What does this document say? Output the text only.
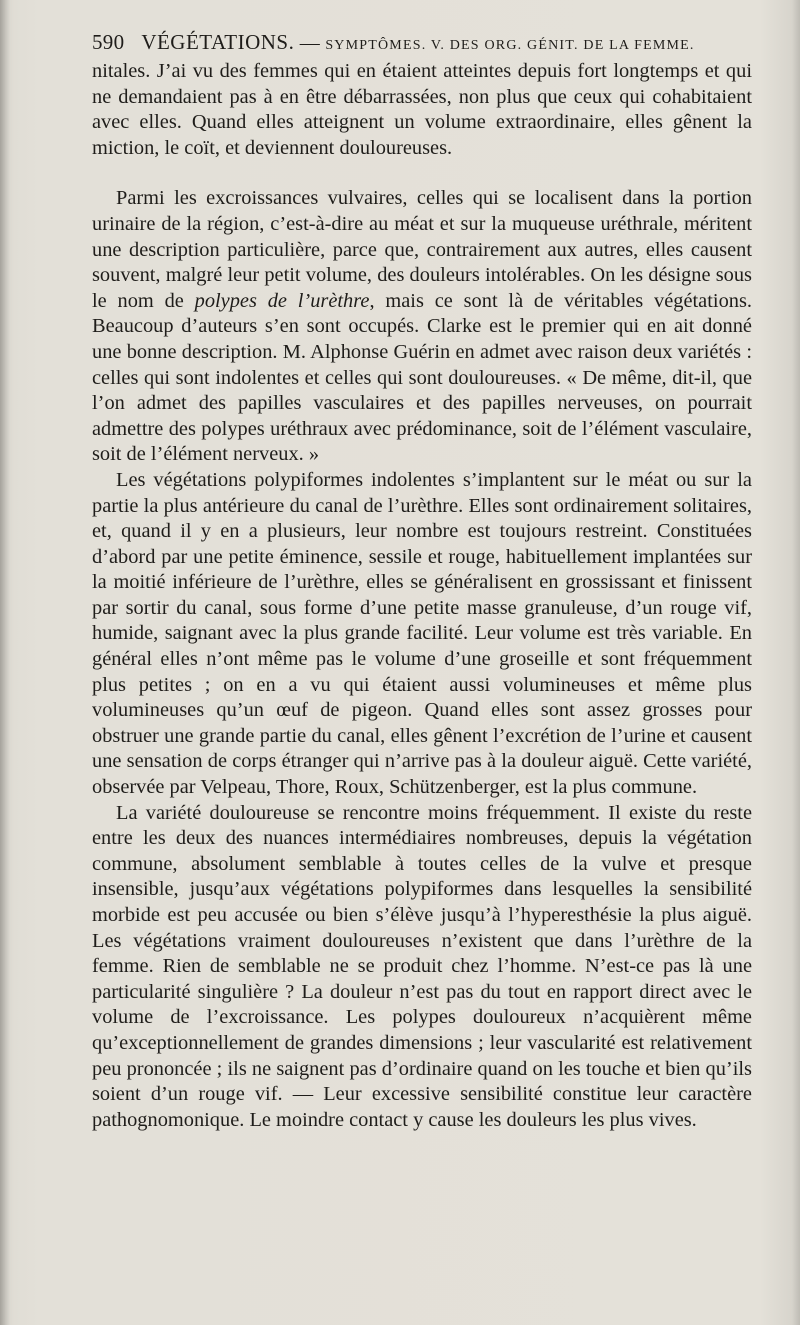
590 VÉGÉTATIONS. — SYMPTÔMES. V. DES ORG. GÉNIT. DE LA FEMME.

nitales. J’ai vu des femmes qui en étaient atteintes depuis fort longtemps et qui ne demandaient pas à en être débarrassées, non plus que ceux qui cohabitaient avec elles. Quand elles atteignent un volume extraordinaire, elles gênent la miction, le coït, et deviennent douloureuses.

Parmi les excroissances vulvaires, celles qui se localisent dans la portion urinaire de la région, c’est-à-dire au méat et sur la muqueuse uréthrale, méritent une description particulière, parce que, contrairement aux autres, elles causent souvent, malgré leur petit volume, des douleurs intolérables. On les désigne sous le nom de polypes de l’urèthre, mais ce sont là de véritables végétations. Beaucoup d’auteurs s’en sont occupés. Clarke est le premier qui en ait donné une bonne description. M. Alphonse Guérin en admet avec raison deux variétés : celles qui sont indolentes et celles qui sont douloureuses. « De même, dit-il, que l’on admet des papilles vasculaires et des papilles nerveuses, on pourrait admettre des polypes uréthraux avec prédominance, soit de l’élément vasculaire, soit de l’élément nerveux. »

Les végétations polypiformes indolentes s’implantent sur le méat ou sur la partie la plus antérieure du canal de l’urèthre. Elles sont ordinairement solitaires, et, quand il y en a plusieurs, leur nombre est toujours restreint. Constituées d’abord par une petite éminence, sessile et rouge, habituellement implantées sur la moitié inférieure de l’urèthre, elles se généralisent en grossissant et finissent par sortir du canal, sous forme d’une petite masse granuleuse, d’un rouge vif, humide, saignant avec la plus grande facilité. Leur volume est très variable. En général elles n’ont même pas le volume d’une groseille et sont fréquemment plus petites ; on en a vu qui étaient aussi volumineuses et même plus volumineuses qu’un œuf de pigeon. Quand elles sont assez grosses pour obstruer une grande partie du canal, elles gênent l’excrétion de l’urine et causent une sensation de corps étranger qui n’arrive pas à la douleur aiguë. Cette variété, observée par Velpeau, Thore, Roux, Schützenberger, est la plus commune.

La variété douloureuse se rencontre moins fréquemment. Il existe du reste entre les deux des nuances intermédiaires nombreuses, depuis la végétation commune, absolument semblable à toutes celles de la vulve et presque insensible, jusqu’aux végétations polypiformes dans lesquelles la sensibilité morbide est peu accusée ou bien s’élève jusqu’à l’hyperesthésie la plus aiguë. Les végétations vraiment douloureuses n’existent que dans l’urèthre de la femme. Rien de semblable ne se produit chez l’homme. N’est-ce pas là une particularité singulière ? La douleur n’est pas du tout en rapport direct avec le volume de l’excroissance. Les polypes douloureux n’acquièrent même qu’exceptionnellement de grandes dimensions ; leur vascularité est relativement peu prononcée ; ils ne saignent pas d’ordinaire quand on les touche et bien qu’ils soient d’un rouge vif. — Leur excessive sensibilité constitue leur caractère pathognomonique. Le moindre contact y cause les douleurs les plus vives.
